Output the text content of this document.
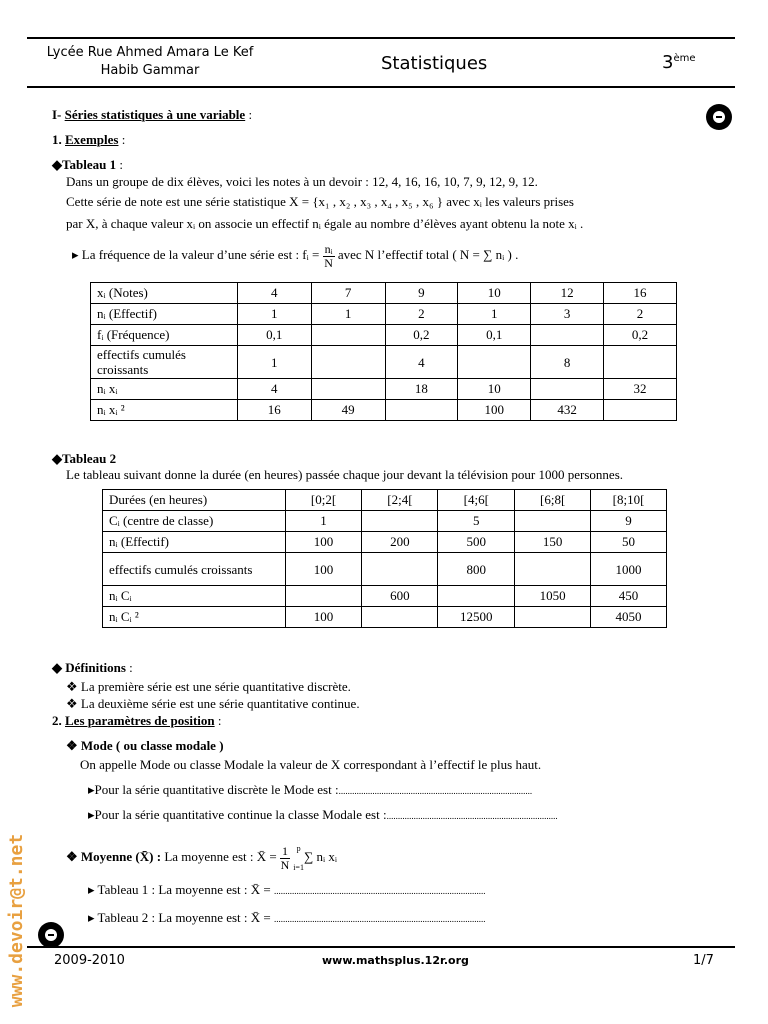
Lycée Rue Ahmed Amara Le Kef
Habib Gammar	Statistiques	3ème
I- Séries statistiques à une variable :
1. Exemples :
◆Tableau 1 :
Dans un groupe de dix élèves, voici les notes à un devoir : 12, 4, 16, 16, 10, 7, 9, 12, 9, 12.
Cette série de note est une série statistique X = {x₁ , x₂ , x₃ , x₄ , x₅ , x₆ } avec xᵢ les valeurs prises
par X, à chaque valeur xᵢ on associe un effectif nᵢ égale au nombre d’élèves ayant obtenu la note xᵢ .
▸ La fréquence de la valeur d’une série est : fᵢ = $\frac{\text{nᵢ}}{N}$ avec N l’effectif total ( N = ∑ nᵢ ) .
xᵢ (Notes)	4	7	9	10	12	16
nᵢ (Effectif)	1	1	2	1	3	2
fᵢ (Fréquence)	0,1		0,2	0,1		0,2
effectifs cumulés croissants	1		4		8	
nᵢ xᵢ	4		18	10		32
nᵢ xᵢ ²	16	49		100	432	
◆Tableau 2
Le tableau suivant donne la durée (en heures) passée chaque jour devant la télévision pour 1000 personnes.
Durées (en heures)	[0;2[	[2;4[	[4;6[	[6;8[	[8;10[
Cᵢ (centre de classe)	1		5		9
nᵢ (Effectif)	100	200	500	150	50
effectifs cumulés croissants	100		800		1000
nᵢ Cᵢ		600		1050	450
nᵢ Cᵢ ²	100		12500		4050
◆ Définitions :
❖ La première série est une série quantitative discrète.
❖ La deuxième série est une série quantitative continue.
2. Les paramètres de position :
❖ Mode ( ou classe modale )
On appelle Mode ou classe Modale la valeur de X correspondant à l’effectif le plus haut.
▸Pour la série quantitative discrète le Mode est :......................................................................................
▸Pour la série quantitative continue la classe Modale est :............................................................................
❖ Moyenne (X̄) : La moyenne est : X̄ = $\frac{1}{N}$
p
i=1
∑ nᵢ xᵢ
▸ Tableau 1 : La moyenne est : X̄ = ..............................................................................................
▸ Tableau 2 : La moyenne est : X̄ = ..............................................................................................
www.devoir@t.net 2009-2010	www.mathsplus.12r.org	1/7
